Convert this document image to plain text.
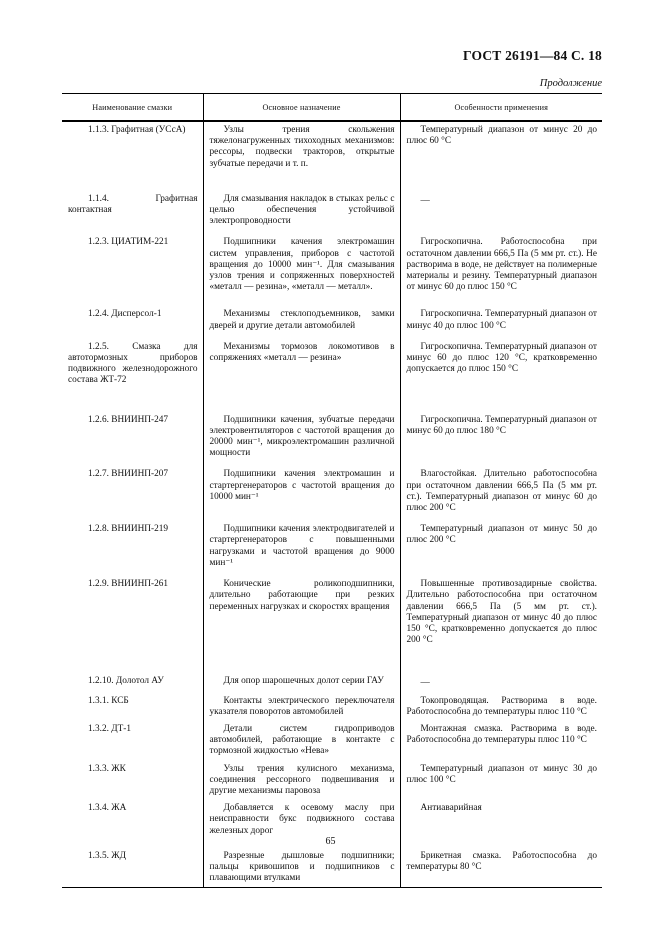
ГОСТ 26191—84 С. 18
Продолжение
Наименование смазки	Основное назначение	Особенности применения

1.1.3. Графитная (УСсА)	Узлы трения скольжения тяжелонагруженных тихоходных механизмов: рессоры, подвески тракторов, открытые зубчатые передачи и т. п.	Температурный диапазон от минус 20 до плюс 60 °С

1.1.4. Графитная контактная	Для смазывания накладок в стыках рельс с целью обеспечения устойчивой электропроводности	—

1.2.3. ЦИАТИМ-221	Подшипники качения электромашин систем управления, приборов с частотой вращения до 10000 мин⁻¹. Для смазывания узлов трения и сопряженных поверхностей «металл — резина», «металл — металл».	Гигроскопична. Работоспособна при остаточном давлении 666,5 Па (5 мм рт. ст.). Не растворима в воде, не действует на полимерные материалы и резину. Температурный диапазон от минус 60 до плюс 150 °С

1.2.4. Дисперсол-1	Механизмы стеклоподъемников, замки дверей и другие детали автомобилей	Гигроскопична. Температурный диапазон от минус 40 до плюс 100 °С

1.2.5. Смазка для автотормозных приборов подвижного железнодорожного состава ЖТ-72	Механизмы тормозов локомотивов в сопряжениях «металл — резина»	Гигроскопична. Температурный диапазон от минус 60 до плюс 120 °С, кратковременно допускается до плюс 150 °С

1.2.6. ВНИИНП-247	Подшипники качения, зубчатые передачи электровентиляторов с частотой вращения до 20000 мин⁻¹, микроэлектромашин различной мощности	Гигроскопична. Температурный диапазон от минус 60 до плюс 180 °С

1.2.7. ВНИИНП-207	Подшипники качения электромашин и стартергенераторов с частотой вращения до 10000 мин⁻¹	Влагостойкая. Длительно работоспособна при остаточном давлении 666,5 Па (5 мм рт. ст.). Температурный диапазон от минус 60 до плюс 200 °С

1.2.8. ВНИИНП-219	Подшипники качения электродвигателей и стартергенераторов с повышенными нагрузками и частотой вращения до 9000 мин⁻¹	Температурный диапазон от минус 50 до плюс 200 °С

1.2.9. ВНИИНП-261	Конические роликоподшипники, длительно работающие при резких переменных нагрузках и скоростях вращения	Повышенные противозадирные свойства. Длительно работоспособна при остаточном давлении 666,5 Па (5 мм рт. ст.). Температурный диапазон от минус 40 до плюс 150 °С, кратковременно допускается до плюс 200 °С

1.2.10. Долотол АУ	Для опор шарошечных долот серии ГАУ	—

1.3.1. КСБ	Контакты электрического переключателя указателя поворотов автомобилей	Токопроводящая. Растворима в воде. Работоспособна до температуры плюс 110 °С

1.3.2. ДТ-1	Детали систем гидроприводов автомобилей, работающие в контакте с тормозной жидкостью «Нева»	Монтажная смазка. Растворима в воде. Работоспособна до температуры плюс 110 °С

1.3.3. ЖК	Узлы трения кулисного механизма, соединения рессорного подвешивания и другие механизмы паровоза	Температурный диапазон от минус 30 до плюс 100 °С

1.3.4. ЖА	Добавляется к осевому маслу при неисправности букс подвижного состава железных дорог	Антиаварийная

1.3.5. ЖД	Разрезные дышловые подшипники; пальцы кривошипов и подшипников с плавающими втулками	Брикетная смазка. Работоспособна до температуры 80 °С
65
